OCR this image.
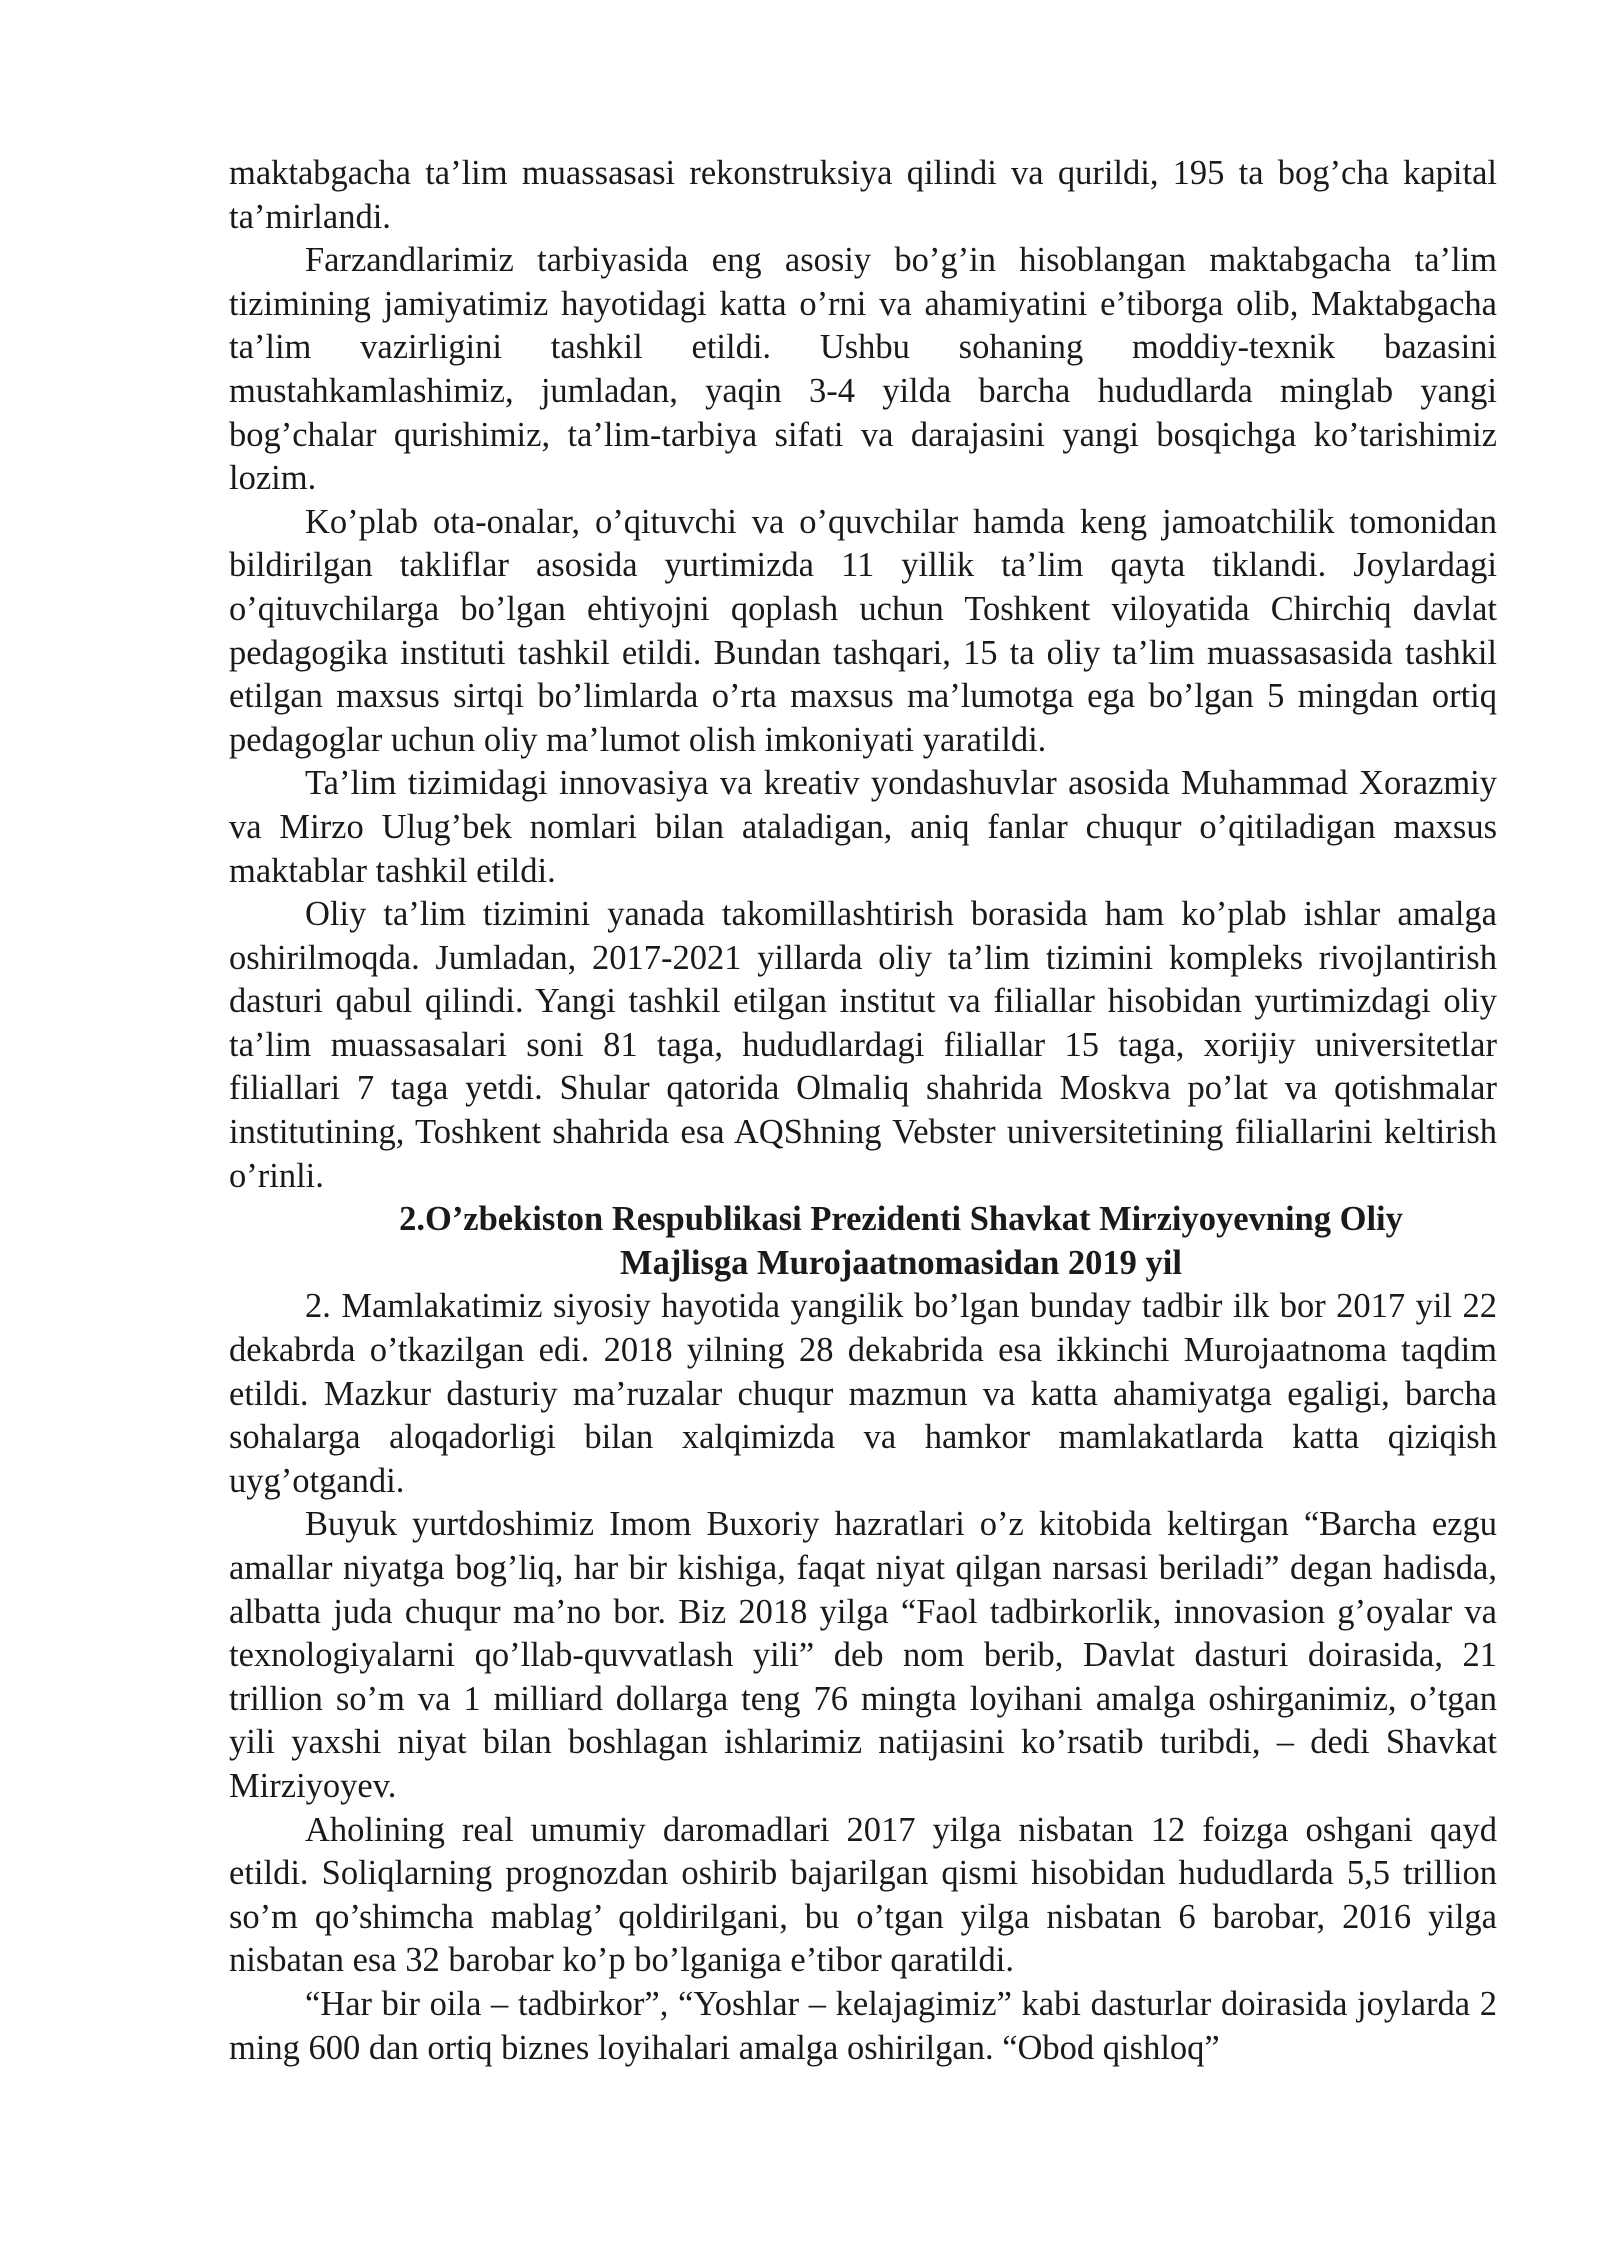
maktabgacha ta’lim muassasasi rekonstruksiya qilindi va qurildi, 195 ta bog’cha kapital ta’mirlandi.

Farzandlarimiz tarbiyasida eng asosiy bo’g’in hisoblangan maktabgacha ta’lim tizimining jamiyatimiz hayotidagi katta o’rni va ahamiyatini e’tiborga olib, Maktabgacha ta’lim vazirligini tashkil etildi. Ushbu sohaning moddiy-texnik bazasini mustahkamlashimiz, jumladan, yaqin 3-4 yilda barcha hududlarda minglab yangi bog’chalar qurishimiz, ta’lim-tarbiya sifati va darajasini yangi bosqichga ko’tarishimiz lozim.

Ko’plab ota-onalar, o’qituvchi va o’quvchilar hamda keng jamoatchilik tomonidan bildirilgan takliflar asosida yurtimizda 11 yillik ta’lim qayta tiklandi. Joylardagi o’qituvchilarga bo’lgan ehtiyojni qoplash uchun Toshkent viloyatida Chirchiq davlat pedagogika instituti tashkil etildi. Bundan tashqari, 15 ta oliy ta’lim muassasasida tashkil etilgan maxsus sirtqi bo’limlarda o’rta maxsus ma’lumotga ega bo’lgan 5 mingdan ortiq pedagoglar uchun oliy ma’lumot olish imkoniyati yaratildi.

Ta’lim tizimidagi innovasiya va kreativ yondashuvlar asosida Muhammad Xorazmiy va Mirzo Ulug’bek nomlari bilan ataladigan, aniq fanlar chuqur o’qitiladigan maxsus maktablar tashkil etildi.

Oliy ta’lim tizimini yanada takomillashtirish borasida ham ko’plab ishlar amalga oshirilmoqda. Jumladan, 2017-2021 yillarda oliy ta’lim tizimini kompleks rivojlantirish dasturi qabul qilindi. Yangi tashkil etilgan institut va filiallar hisobidan yurtimizdagi oliy ta’lim muassasalari soni 81 taga, hududlardagi filiallar 15 taga, xorijiy universitetlar filiallari 7 taga yetdi. Shular qatorida Olmaliq shahrida Moskva po’lat va qotishmalar institutining, Toshkent shahrida esa AQShning Vebster universitetining filiallarini keltirish o’rinli.

2.O’zbekiston Respublikasi Prezidenti Shavkat Mirziyoyevning Oliy
Majlisga Murojaatnomasidan 2019 yil

2. Mamlakatimiz siyosiy hayotida yangilik bo’lgan bunday tadbir ilk bor 2017 yil 22 dekabrda o’tkazilgan edi. 2018 yilning 28 dekabrida esa ikkinchi Murojaatnoma taqdim etildi. Mazkur dasturiy ma’ruzalar chuqur mazmun va katta ahamiyatga egaligi, barcha sohalarga aloqadorligi bilan xalqimizda va hamkor mamlakatlarda katta qiziqish uyg’otgandi.

Buyuk yurtdoshimiz Imom Buxoriy hazratlari o’z kitobida keltirgan “Barcha ezgu amallar niyatga bog’liq, har bir kishiga, faqat niyat qilgan narsasi beriladi” degan hadisda, albatta juda chuqur ma’no bor. Biz 2018 yilga “Faol tadbirkorlik, innovasion g’oyalar va texnologiyalarni qo’llab-quvvatlash yili” deb nom berib, Davlat dasturi doirasida, 21 trillion so’m va 1 milliard dollarga teng 76 mingta loyihani amalga oshirganimiz, o’tgan yili yaxshi niyat bilan boshlagan ishlarimiz natijasini ko’rsatib turibdi, – dedi Shavkat Mirziyoyev.

Aholining real umumiy daromadlari 2017 yilga nisbatan 12 foizga oshgani qayd etildi. Soliqlarning prognozdan oshirib bajarilgan qismi hisobidan hududlarda 5,5 trillion so’m qo’shimcha mablag’ qoldirilgani, bu o’tgan yilga nisbatan 6 barobar, 2016 yilga nisbatan esa 32 barobar ko’p bo’lganiga e’tibor qaratildi.

“Har bir oila – tadbirkor”, “Yoshlar – kelajagimiz” kabi dasturlar doirasida joylarda 2 ming 600 dan ortiq biznes loyihalari amalga oshirilgan. “Obod qishloq”
